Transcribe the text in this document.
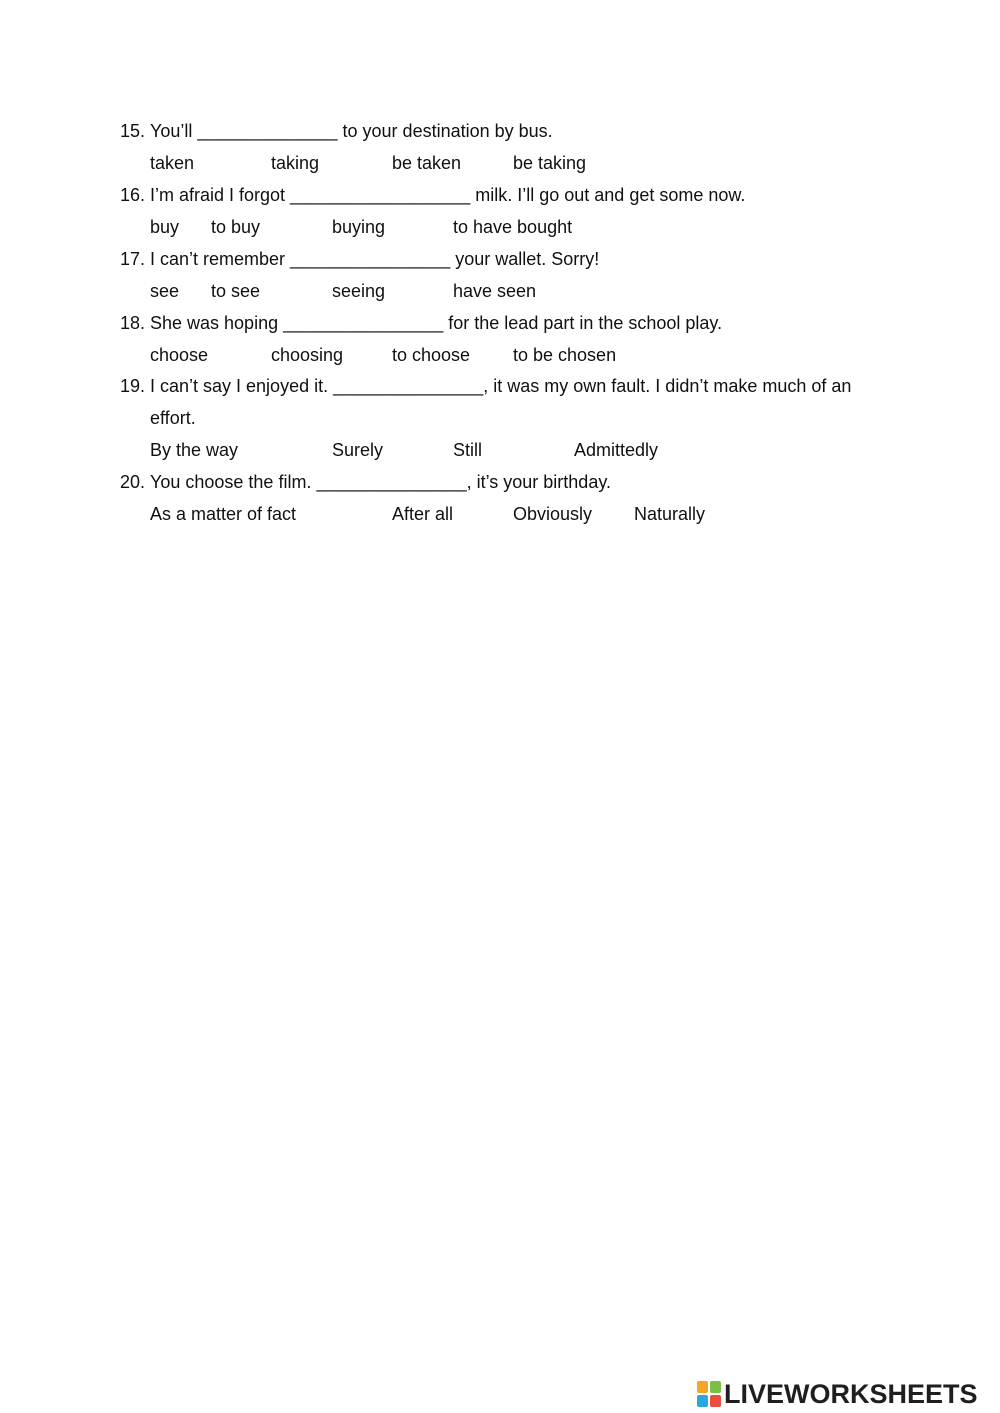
15. You’ll ______________ to your destination by bus.
taken	taking	be taken	be taking
16. I’m afraid I forgot __________________ milk. I’ll go out and get some now.
buy to buy	buying	to have bought
17. I can’t remember ________________ your wallet. Sorry!
see to see	seeing	have seen
18. She was hoping ________________ for the lead part in the school play.
choose	choosing	to choose to be chosen
19. I can’t say I enjoyed it. _______________, it was my own fault. I didn’t make much of an
effort.
By the way	Surely	Still	Admittedly
20. You choose the film. _______________, it’s your birthday.
As a matter of fact	After all	Obviously Naturally
LIVEWORKSHEETS
